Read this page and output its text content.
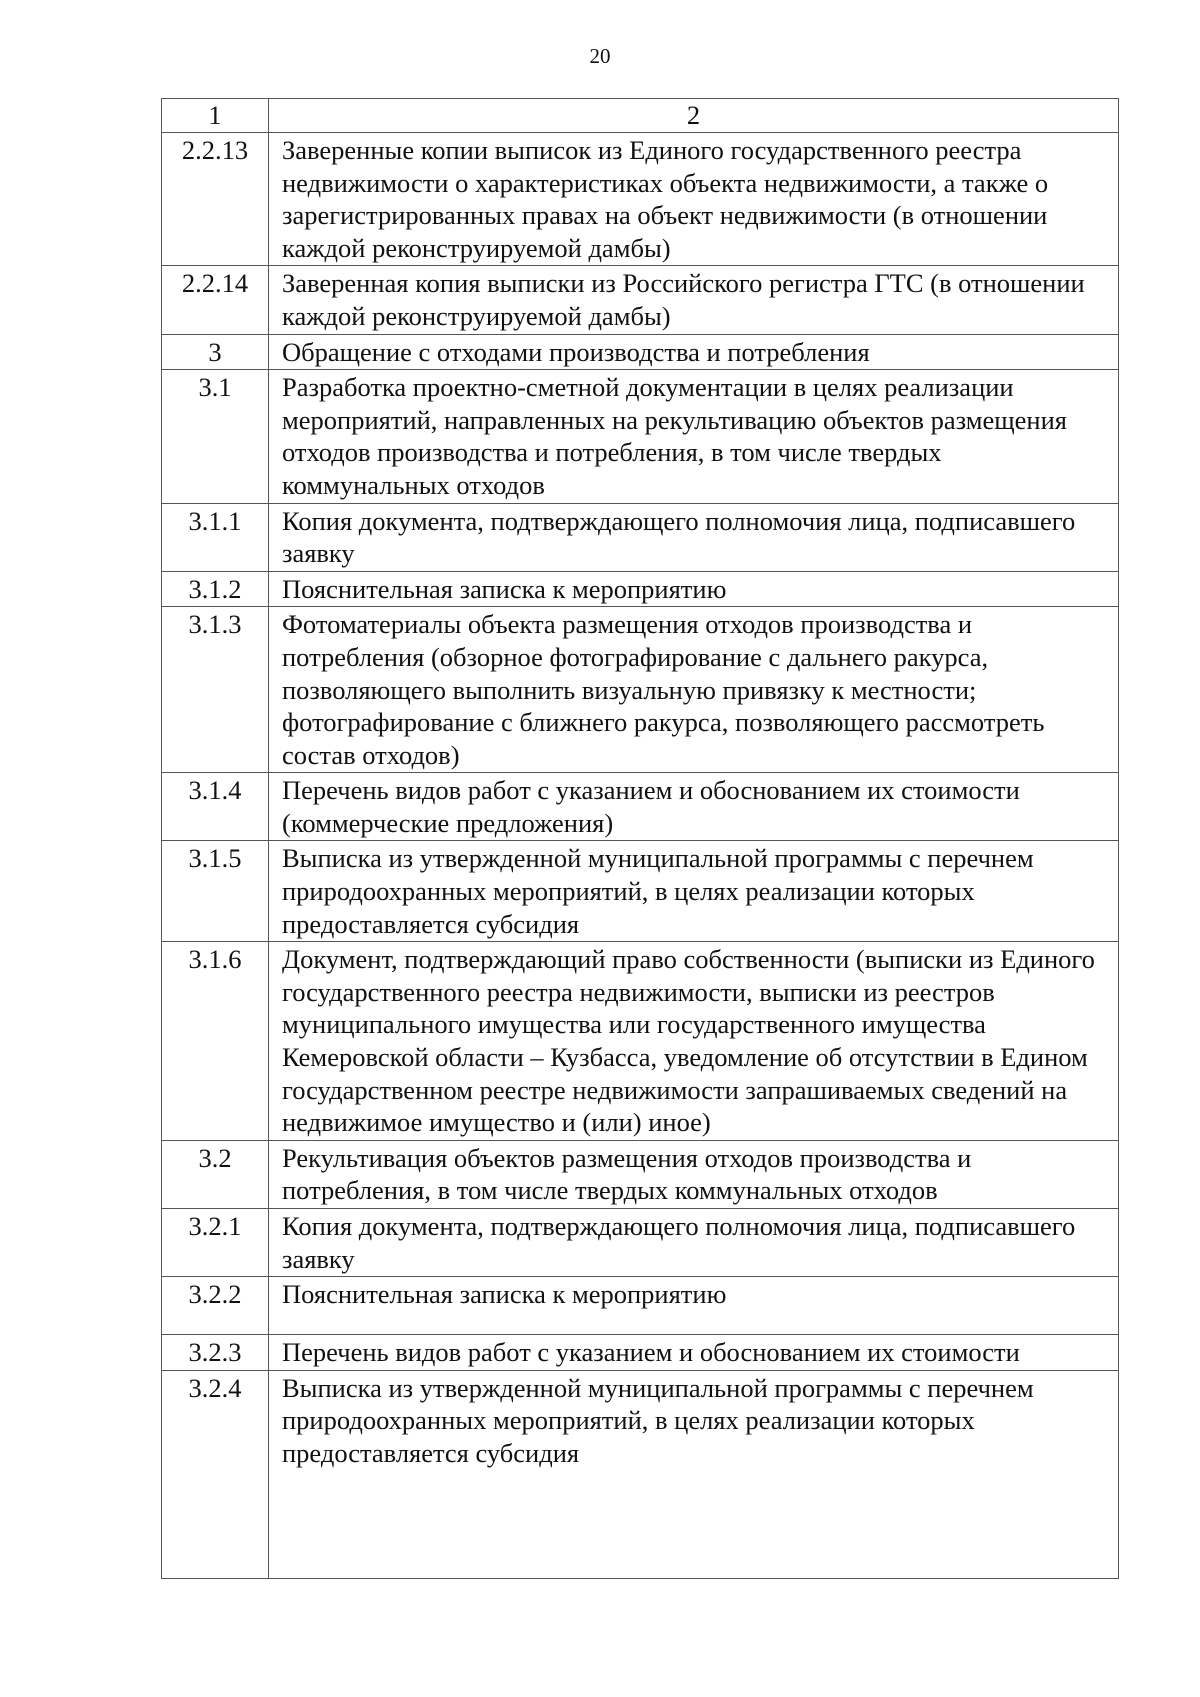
20
1	2
2.2.13	Заверенные копии выписок из Единого государственного реестра недвижимости о характеристиках объекта недвижимости, а также о зарегистрированных правах на объект недвижимости (в отношении каждой реконструируемой дамбы)
2.2.14	Заверенная копия выписки из Российского регистра ГТС (в отношении каждой реконструируемой дамбы)
3	Обращение с отходами производства и потребления
3.1	Разработка проектно-сметной документации в целях реализации мероприятий, направленных на рекультивацию объектов размещения отходов производства и потребления, в том числе твердых коммунальных отходов
3.1.1	Копия документа, подтверждающего полномочия лица, подписавшего заявку
3.1.2	Пояснительная записка к мероприятию
3.1.3	Фотоматериалы объекта размещения отходов производства и потребления (обзорное фотографирование с дальнего ракурса, позволяющего выполнить визуальную привязку к местности; фотографирование с ближнего ракурса, позволяющего рассмотреть состав отходов)
3.1.4	Перечень видов работ с указанием и обоснованием их стоимости (коммерческие предложения)
3.1.5	Выписка из утвержденной муниципальной программы с перечнем природоохранных мероприятий, в целях реализации которых предоставляется субсидия
3.1.6	Документ, подтверждающий право собственности (выписки из Единого государственного реестра недвижимости, выписки из реестров муниципального имущества или государственного имущества Кемеровской области – Кузбасса, уведомление об отсутствии в Едином государственном реестре недвижимости запрашиваемых сведений на недвижимое имущество и (или) иное)
3.2	Рекультивация объектов размещения отходов производства и потребления, в том числе твердых коммунальных отходов
3.2.1	Копия документа, подтверждающего полномочия лица, подписавшего заявку
3.2.2	Пояснительная записка к мероприятию
3.2.3	Перечень видов работ с указанием и обоснованием их стоимости
3.2.4	Выписка из утвержденной муниципальной программы с перечнем природоохранных мероприятий, в целях реализации которых предоставляется субсидия
